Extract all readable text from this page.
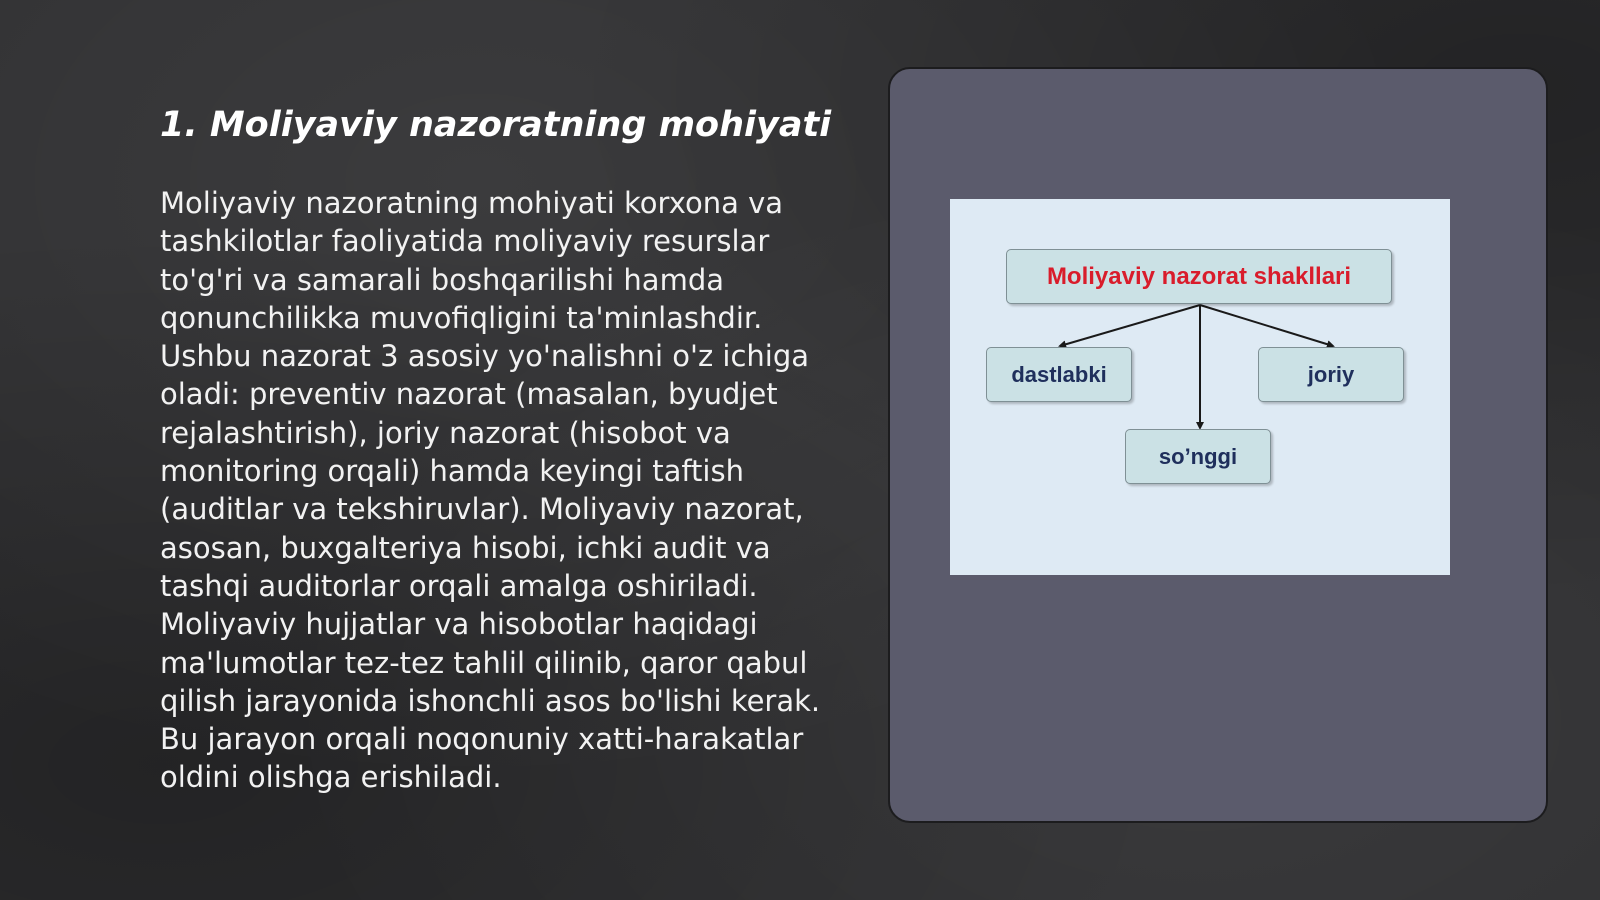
1. Moliyaviy nazoratning mohiyati

Moliyaviy nazoratning mohiyati korxona va tashkilotlar faoliyatida moliyaviy resurslar to'g'ri va samarali boshqarilishi hamda qonunchilikka muvofiqligini ta'minlashdir. Ushbu nazorat 3 asosiy yo'nalishni o'z ichiga oladi: preventiv nazorat (masalan, byudjet rejalashtirish), joriy nazorat (hisobot va monitoring orqali) hamda keyingi taftish (auditlar va tekshiruvlar). Moliyaviy nazorat, asosan, buxgalteriya hisobi, ichki audit va tashqi auditorlar orqali amalga oshiriladi. Moliyaviy hujjatlar va hisobotlar haqidagi ma'lumotlar tez-tez tahlil qilinib, qaror qabul qilish jarayonida ishonchli asos bo'lishi kerak. Bu jarayon orqali noqonuniy xatti-harakatlar oldini olishga erishiladi.

Moliyaviy nazorat shakllari
dastlabki	joriy
so’nggi
